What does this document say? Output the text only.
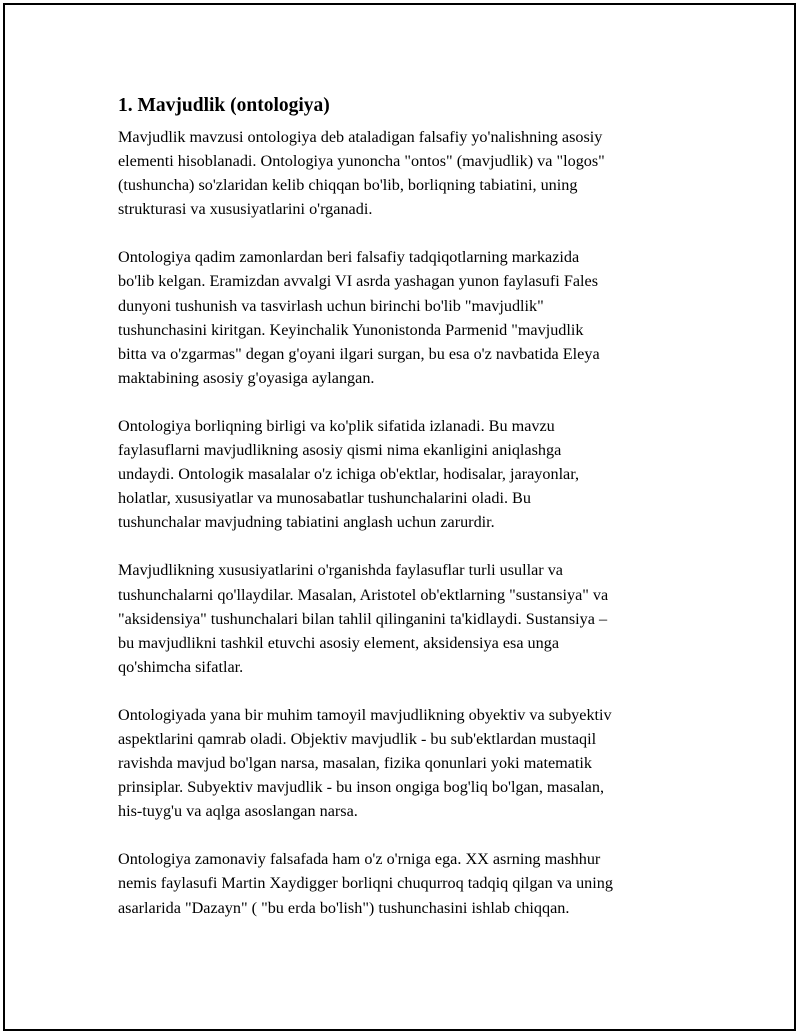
1. Mavjudlik (ontologiya)

Mavjudlik mavzusi ontologiya deb ataladigan falsafiy yo'nalishning asosiy
elementi hisoblanadi. Ontologiya yunoncha "ontos" (mavjudlik) va "logos"
(tushuncha) so'zlaridan kelib chiqqan bo'lib, borliqning tabiatini, uning
strukturasi va xususiyatlarini o'rganadi.

Ontologiya qadim zamonlardan beri falsafiy tadqiqotlarning markazida
bo'lib kelgan. Eramizdan avvalgi VI asrda yashagan yunon faylasufi Fales
dunyoni tushunish va tasvirlash uchun birinchi bo'lib "mavjudlik"
tushunchasini kiritgan. Keyinchalik Yunonistonda Parmenid "mavjudlik
bitta va o'zgarmas" degan g'oyani ilgari surgan, bu esa o'z navbatida Eleya
maktabining asosiy g'oyasiga aylangan.

Ontologiya borliqning birligi va ko'plik sifatida izlanadi. Bu mavzu
faylasuflarni mavjudlikning asosiy qismi nima ekanligini aniqlashga
undaydi. Ontologik masalalar o'z ichiga ob'ektlar, hodisalar, jarayonlar,
holatlar, xususiyatlar va munosabatlar tushunchalarini oladi. Bu
tushunchalar mavjudning tabiatini anglash uchun zarurdir.

Mavjudlikning xususiyatlarini o'rganishda faylasuflar turli usullar va
tushunchalarni qo'llaydilar. Masalan, Aristotel ob'ektlarning "sustansiya" va
"aksidensiya" tushunchalari bilan tahlil qilinganini ta'kidlaydi. Sustansiya –
bu mavjudlikni tashkil etuvchi asosiy element, aksidensiya esa unga
qo'shimcha sifatlar.

Ontologiyada yana bir muhim tamoyil mavjudlikning obyektiv va subyektiv
aspektlarini qamrab oladi. Objektiv mavjudlik - bu sub'ektlardan mustaqil
ravishda mavjud bo'lgan narsa, masalan, fizika qonunlari yoki matematik
prinsiplar. Subyektiv mavjudlik - bu inson ongiga bog'liq bo'lgan, masalan,
his-tuyg'u va aqlga asoslangan narsa.

Ontologiya zamonaviy falsafada ham o'z o'rniga ega. XX asrning mashhur
nemis faylasufi Martin Xaydigger borliqni chuqurroq tadqiq qilgan va uning
asarlarida "Dazayn" ( "bu erda bo'lish") tushunchasini ishlab chiqqan.
